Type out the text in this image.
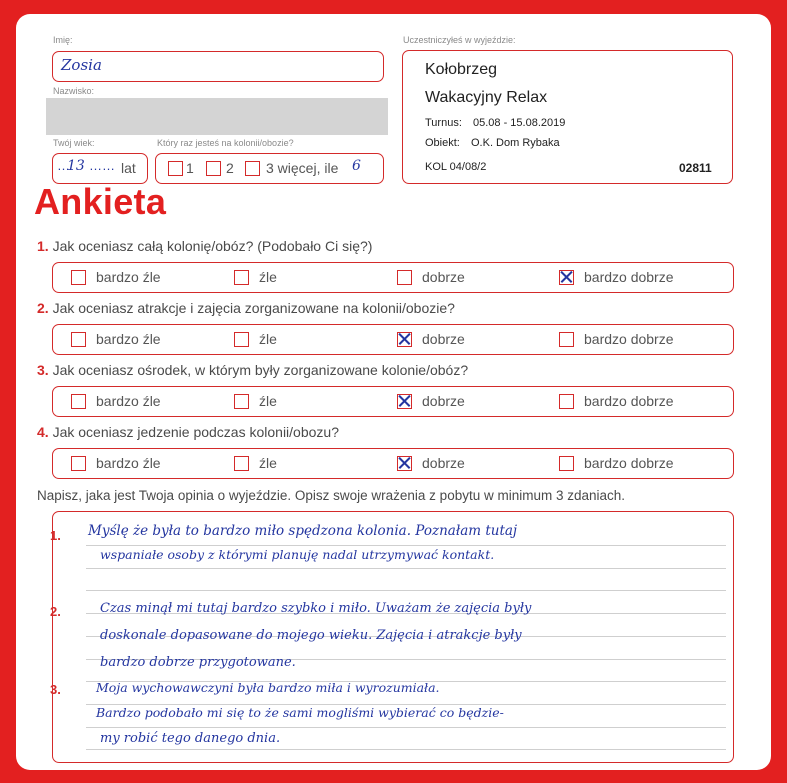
Imię:
Zosia
Nazwisko:
Twój wiek:
…
13 …… lat
Który raz jesteś na kolonii/obozie?
1 2 3 więcej, ile 6
Uczestniczyłeś w wyjeździe:
Kołobrzeg
Wakacyjny Relax
Turnus: 05.08 - 15.08.2019
Obiekt: O.K. Dom Rybaka
KOL 04/08/2	02811
Ankieta
1. Jak oceniasz całą kolonię/obóz? (Podobało Ci się?)
bardzo źle	źle	dobrze	bardzo dobrze
2. Jak oceniasz atrakcje i zajęcia zorganizowane na kolonii/obozie?
bardzo źle	źle	dobrze	bardzo dobrze
3. Jak oceniasz ośrodek, w którym były zorganizowane kolonie/obóz?
bardzo źle	źle	dobrze	bardzo dobrze
4. Jak oceniasz jedzenie podczas kolonii/obozu?
bardzo źle	źle	dobrze	bardzo dobrze
Napisz, jaka jest Twoja opinia o wyjeździe. Opisz swoje wrażenia z pobytu w minimum 3 zdaniach.
1.
2.
3.
Myślę że była to bardzo miło spędzona kolonia. Poznałam tutaj
wspaniałe osoby z którymi planuję nadal utrzymywać kontakt.
Czas minął mi tutaj bardzo szybko i miło. Uważam że zajęcia były
doskonale dopasowane do mojego wieku. Zajęcia i atrakcje były
bardzo dobrze przygotowane.
Moja wychowawczyni była bardzo miła i wyrozumiała.
Bardzo podobało mi się to że sami mogliśmi wybierać co będzie-
my robić tego danego dnia.
